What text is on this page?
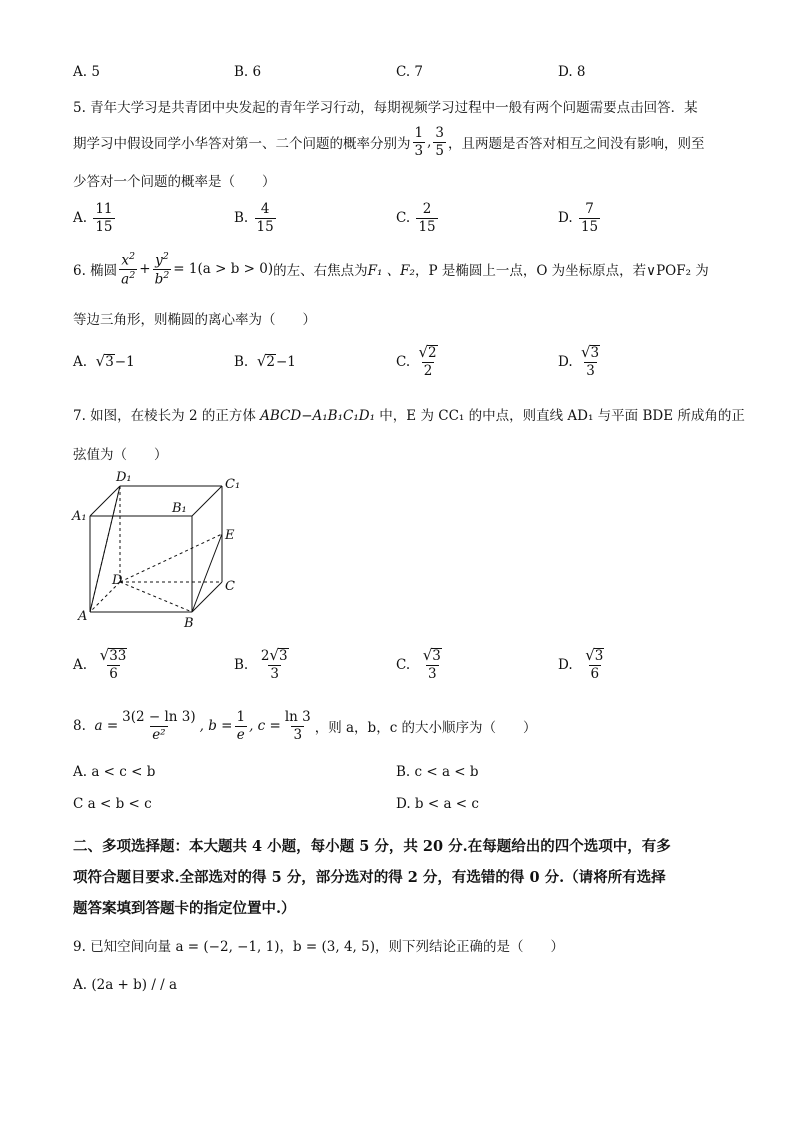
A. 5	B. 6	C. 7	D. 8
5. 青年大学习是共青团中央发起的青年学习行动，每期视频学习过程中一般有两个问题需要点击回答．某
期学习中假设同学小华答对第一、二个问题的概率分别为 $\frac{1}{3}$ , $\frac{3}{5}$ ，且两题是否答对相互之间没有影响，则至
少答对一个问题的概率是（　　）
A.
$\frac{11}{15}$	B.
$\frac{4}{15}$	C.
$\frac{2}{15}$	D.
$\frac{7}{15}$
6. 椭圆 $\frac{x^2}{a^2} + \frac{y^2}{b^2} = 1(a > b > 0)$ 的左、右焦点为 F₁ 、F₂ ，P 是椭圆上一点，O 为坐标原点，若∨POF₂ 为
等边三角形，则椭圆的离心率为（　　）
A.
√ 3 −1	B.
√ 2 −1	C.
$\frac{√ 2}{2}$	D.
$\frac{√ 3}{3}$
7. 如图，在棱长为 2 的正方体 ABCD−A₁B₁C₁D₁ 中，E 为 CC₁ 的中点，则直线 AD₁ 与平面 BDE 所成角的正
弦值为（　　）
D₁	C₁
A₁
B₁
E
D	C
A	B
A.
$\frac{√ 33}{6}$	B.
$\frac{2 √ 3}{3}$	C.
$\frac{√ 3}{3}$	D.
$\frac{√ 3}{6}$
8.
$a = \frac{3(2 - \ln 3)}{\text{e²}}$ , $b = \frac{1}{e}$ , $c = \frac{\ln 3}{3}$ ，则 a，b，c 的大小顺序为（　　）
A. a < c < b	B. c < a < b
C a < b < c	D. b < a < c
二、多项选择题：本大题共 4 小题，每小题 5 分，共 20 分.在每题给出的四个选项中，有多
项符合题目要求.全部选对的得 5 分，部分选对的得 2 分，有选错的得 0 分.（请将所有选择
题答案填到答题卡的指定位置中.）
9. 已知空间向量 a = (−2, −1, 1)，b = (3, 4, 5)，则下列结论正确的是（　　）
A. (2a + b) / / a
